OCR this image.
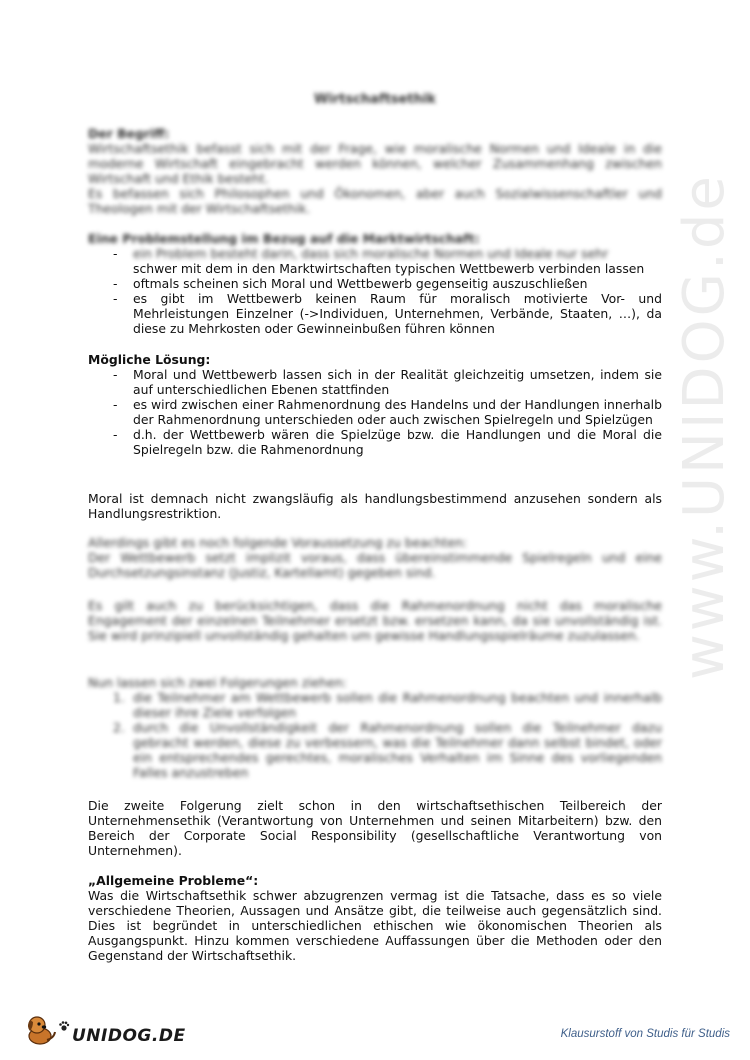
www.UNIDOG.de
Wirtschaftsethik

Der Begriff:

Wirtschaftsethik befasst sich mit der Frage, wie moralische Normen und Ideale in die moderne Wirtschaft eingebracht werden können, welcher Zusammenhang zwischen Wirtschaft und Ethik besteht.

Es befassen sich Philosophen und Ökonomen, aber auch Sozialwissenschaftler und Theologen mit der Wirtschaftsethik.

Eine Problemstellung im Bezug auf die Marktwirtschaft:

- ein Problem besteht darin, dass sich moralische Normen und Ideale nur sehr
schwer mit dem in den Marktwirtschaften typischen Wettbewerb verbinden lassen
- oftmals scheinen sich Moral und Wettbewerb gegenseitig auszuschließen
- es gibt im Wettbewerb keinen Raum für moralisch motivierte Vor- und Mehrleistungen Einzelner (->Individuen, Unternehmen, Verbände, Staaten, …), da diese zu Mehrkosten oder Gewinneinbußen führen können

Mögliche Lösung:

- Moral und Wettbewerb lassen sich in der Realität gleichzeitig umsetzen, indem sie auf unterschiedlichen Ebenen stattfinden
- es wird zwischen einer Rahmenordnung des Handelns und der Handlungen innerhalb der Rahmenordnung unterschieden oder auch zwischen Spielregeln und Spielzügen
- d.h. der Wettbewerb wären die Spielzüge bzw. die Handlungen und die Moral die Spielregeln bzw. die Rahmenordnung
Moral ist demnach nicht zwangsläufig als handlungsbestimmend anzusehen sondern als Handlungsrestriktion.

Allerdings gibt es noch folgende Voraussetzung zu beachten:

Der Wettbewerb setzt implizit voraus, dass übereinstimmende Spielregeln und eine Durchsetzungsinstanz (Justiz, Kartellamt) gegeben sind.

Es gilt auch zu berücksichtigen, dass die Rahmenordnung nicht das moralische Engagement der einzelnen Teilnehmer ersetzt bzw. ersetzen kann, da sie unvollständig ist. Sie wird prinzipiell unvollständig gehalten um gewisse Handlungsspielräume zuzulassen.

Nun lassen sich zwei Folgerungen ziehen:

1. die Teilnehmer am Wettbewerb sollen die Rahmenordnung beachten und innerhalb dieser ihre Ziele verfolgen
2. durch die Unvollständigkeit der Rahmenordnung sollen die Teilnehmer dazu gebracht werden, diese zu verbessern, was die Teilnehmer dann selbst bindet, oder ein entsprechendes gerechtes, moralisches Verhalten im Sinne des vorliegenden Falles anzustreben
Die zweite Folgerung zielt schon in den wirtschaftsethischen Teilbereich der Unternehmensethik (Verantwortung von Unternehmen und seinen Mitarbeitern) bzw. den Bereich der Corporate Social Responsibility (gesellschaftliche Verantwortung von Unternehmen).

„Allgemeine Probleme“:

Was die Wirtschaftsethik schwer abzugrenzen vermag ist die Tatsache, dass es so viele verschiedene Theorien, Aussagen und Ansätze gibt, die teilweise auch gegensätzlich sind. Dies ist begründet in unterschiedlichen ethischen wie ökonomischen Theorien als Ausgangspunkt. Hinzu kommen verschiedene Auffassungen über die Methoden oder den Gegenstand der Wirtschaftsethik.

UNIDOG.DE	Klausurstoff von Studis für Studis
